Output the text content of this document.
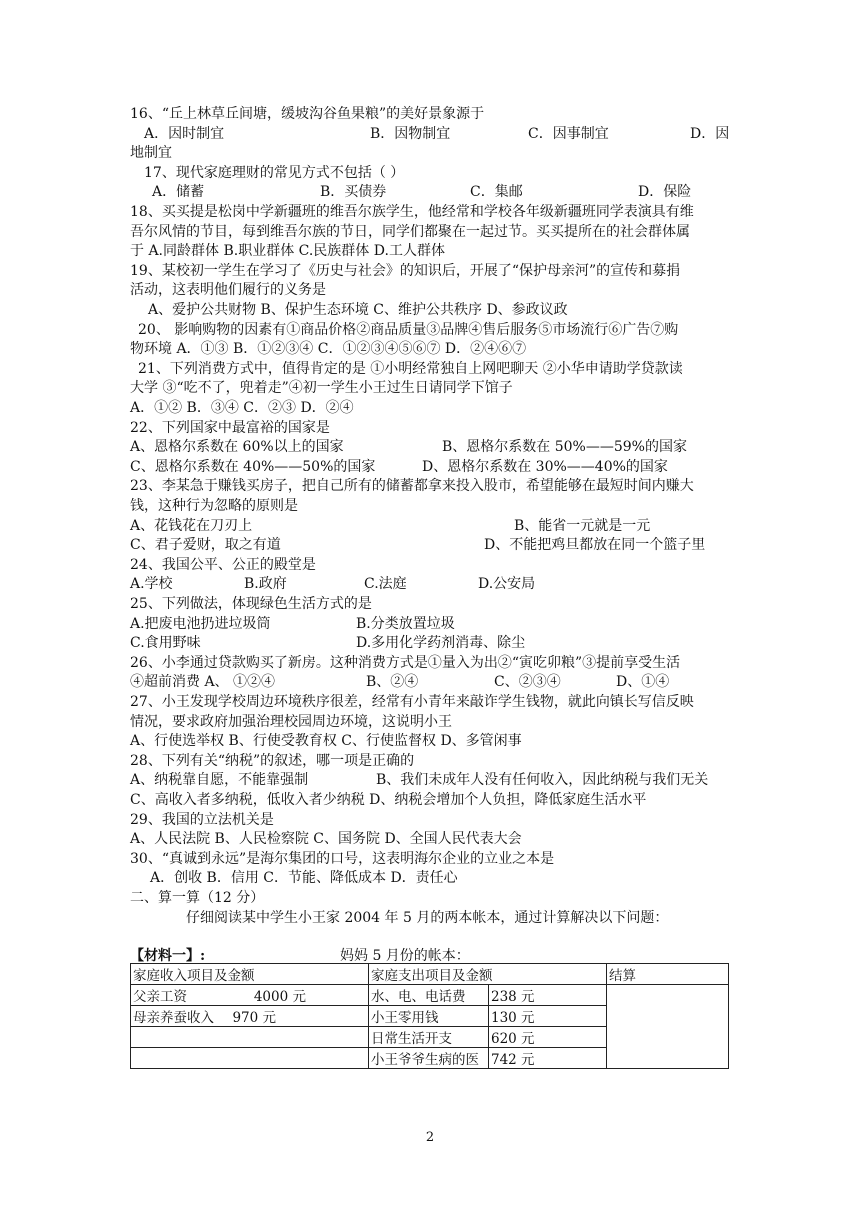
16、“丘上林草丘间塘，缓坡沟谷鱼果粮”的美好景象源于
A．因时制宜	B．因物制宜	C．因事制宜	D．因
地制宜
17、现代家庭理财的常见方式不包括（ ）
A．储蓄	B．买债券	C．集邮	D．保险
18、买买提是松岗中学新疆班的维吾尔族学生，他经常和学校各年级新疆班同学表演具有维
吾尔风情的节目，每到维吾尔族的节日，同学们都聚在一起过节。买买提所在的社会群体属
于 A.同龄群体 B.职业群体 C.民族群体 D.工人群体
19、某校初一学生在学习了《历史与社会》的知识后，开展了“保护母亲河”的宣传和募捐
活动，这表明他们履行的义务是
A、爱护公共财物 B、保护生态环境 C、维护公共秩序 D、参政议政
20、 影响购物的因素有①商品价格②商品质量③品牌④售后服务⑤市场流行⑥广告⑦购
物环境 A．①③ B．①②③④ C．①②③④⑤⑥⑦ D．②④⑥⑦
21、下列消费方式中，值得肯定的是 ①小明经常独自上网吧聊天 ②小华申请助学贷款读
大学 ③“吃不了，兜着走”④初一学生小王过生日请同学下馆子
A．①② B．③④ C．②③ D．②④
22、下列国家中最富裕的国家是
A、恩格尔系数在 60%以上的国家	B、恩格尔系数在 50%——59%的国家
C、恩格尔系数在 40%——50%的国家	D、恩格尔系数在 30%——40%的国家
23、李某急于赚钱买房子，把自己所有的储蓄都拿来投入股市，希望能够在最短时间内赚大
钱，这种行为忽略的原则是
A、花钱花在刀刃上	B、能省一元就是一元
C、君子爱财，取之有道	D、不能把鸡旦都放在同一个篮子里
24、我国公平、公正的殿堂是
A.学校	B.政府	C.法庭	D.公安局
25、下列做法，体现绿色生活方式的是
A.把废电池扔进垃圾筒	B.分类放置垃圾
C.食用野味	D.多用化学药剂消毒、除尘
26、小李通过贷款购买了新房。这种消费方式是①量入为出②“寅吃卯粮”③提前享受生活
④超前消费 A、 ①②④	B、②④	C、②③④	D、①④
27、小王发现学校周边环境秩序很差，经常有小青年来敲诈学生钱物，就此向镇长写信反映
情况，要求政府加强治理校园周边环境，这说明小王
A、行使选举权 B、行使受教育权 C、行使监督权 D、多管闲事
28、下列有关“纳税”的叙述，哪一项是正确的
A、纳税靠自愿，不能靠强制	B、我们未成年人没有任何收入，因此纳税与我们无关
C、高收入者多纳税，低收入者少纳税 D、纳税会增加个人负担，降低家庭生活水平
29、我国的立法机关是
A、人民法院 B、人民检察院 C、国务院 D、全国人民代表大会
30、“真诚到永远”是海尔集团的口号，这表明海尔企业的立业之本是
A．创收 B．信用 C．节能、降低成本 D．责任心
二、算一算（12 分）
仔细阅读某中学生小王家 2004 年 5 月的两本帐本，通过计算解决以下问题：
【材料一】:	妈妈 5 月份的帐本：
家庭收入项目及金额	家庭支出项目及金额		结算
父亲工资 4000 元	水、电、电话费	238 元	
母亲养蚕收入 970 元	小王零用钱	130 元	
	日常生活开支	620 元	
	小王爷爷生病的医	742 元	
2
